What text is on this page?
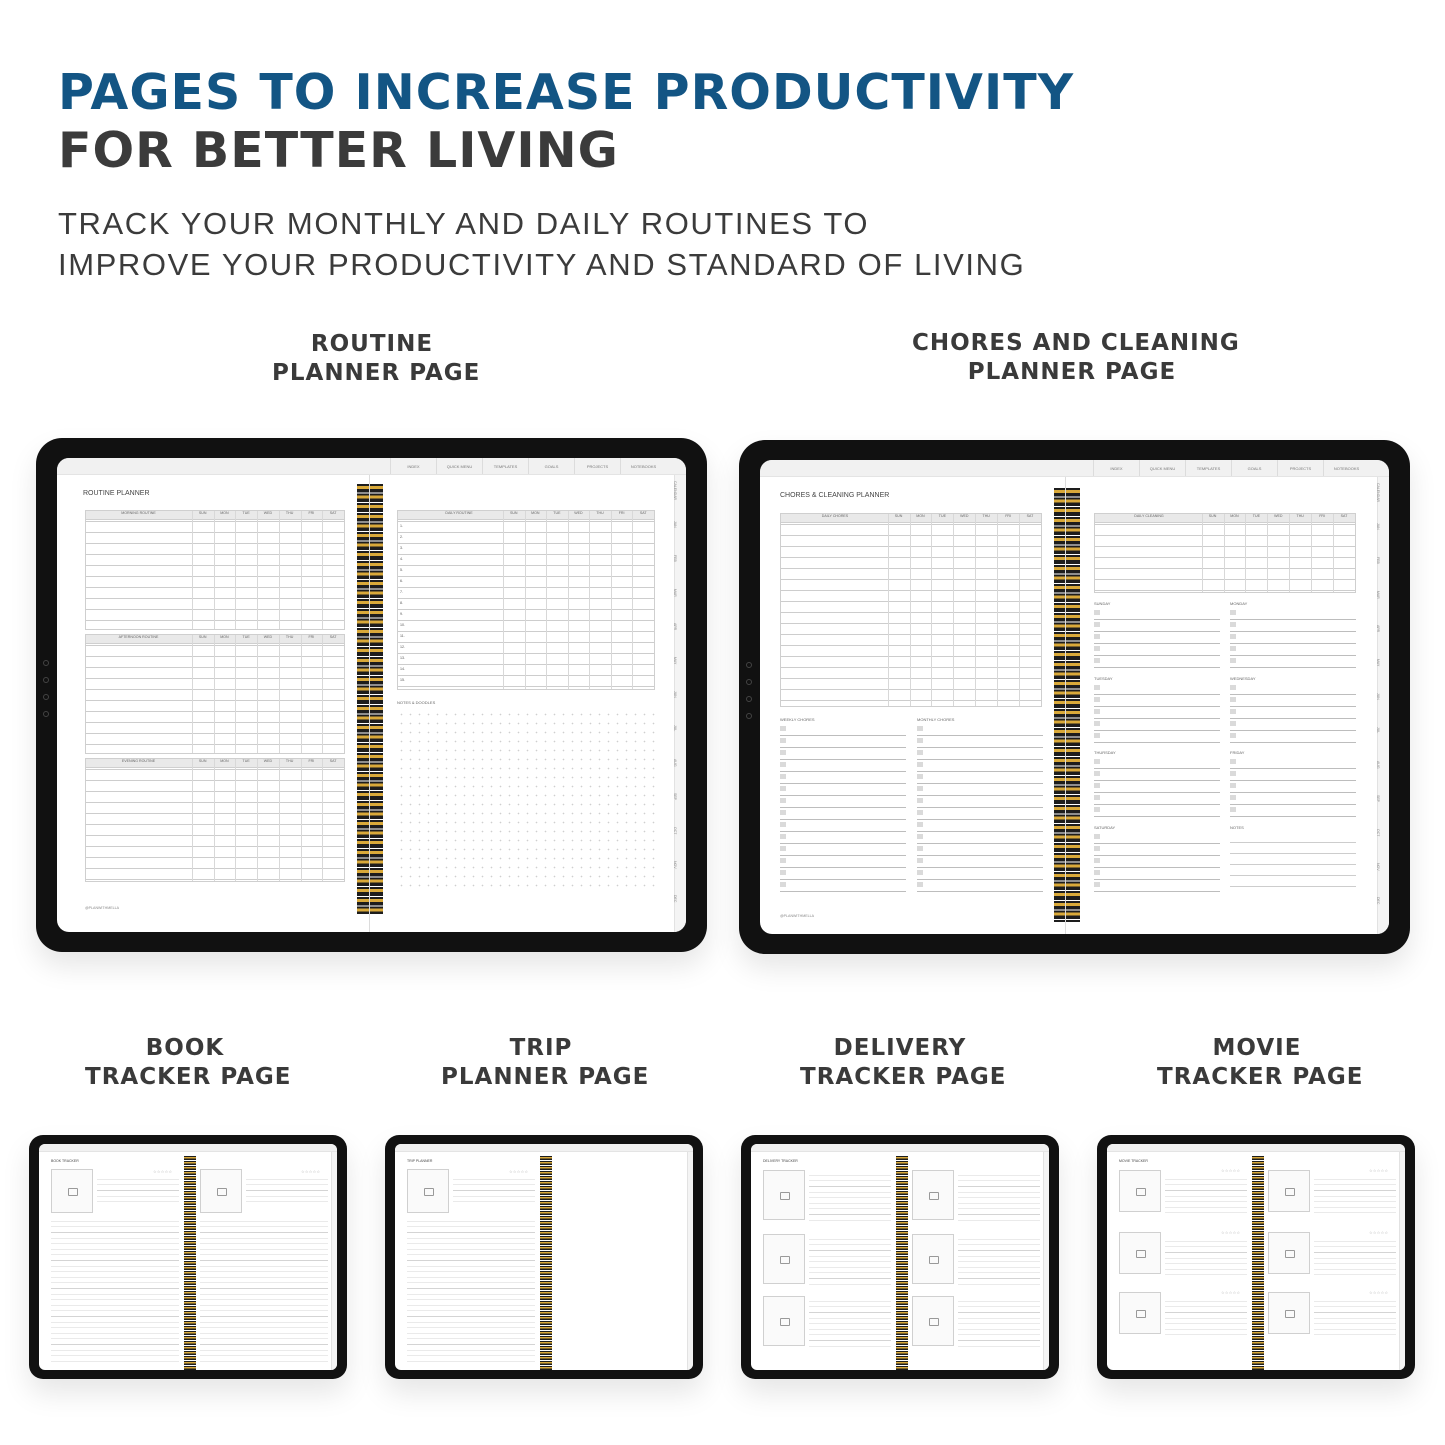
PAGES TO INCREASE PRODUCTIVITY
FOR BETTER LIVING
TRACK YOUR MONTHLY AND DAILY ROUTINES TO
IMPROVE YOUR PRODUCTIVITY AND STANDARD OF LIVING
ROUTINE
PLANNER PAGE
CHORES AND CLEANING
PLANNER PAGE
INDEX	QUICK MENU	TEMPLATES	GOALS	PROJECTS	NOTEBOOKS
CALENDAR
JAN
FEB
MAR
APR
MAY
JUN
JUL
AUG
SEP
OCT
NOV
DEC
ROUTINE PLANNER
MORNING ROUTINE	SUN	MON	TUE	WED	THU	FRI	SAT
AFTERNOON ROUTINE	SUN	MON	TUE	WED	THU	FRI	SAT
EVENING ROUTINE	SUN	MON	TUE	WED	THU	FRI	SAT
@PLANWITHMELLA
DAILY ROUTINE	SUN	MON	TUE	WED	THU	FRI	SAT
1.
2.
3.
4.
5.
6.
7.
8.
9.
10.
11.
12.
13.
14.
15.
NOTES & DOODLES
INDEX	QUICK MENU	TEMPLATES	GOALS	PROJECTS	NOTEBOOKS
CALENDAR
JAN
FEB
MAR
APR
MAY
JUN
JUL
AUG
SEP
OCT
NOV
DEC
CHORES & CLEANING PLANNER
DAILY CHORES	SUN	MON	TUE	WED	THU	FRI	SAT
WEEKLY CHORES	MONTHLY CHORES
@PLANWITHMELLA
DAILY CLEANING	SUN	MON	TUE	WED	THU	FRI	SAT
SUNDAY	MONDAY
TUESDAY	WEDNESDAY
THURSDAY	FRIDAY
SATURDAY	NOTES
BOOK
TRACKER PAGE
TRIP
PLANNER PAGE
DELIVERY
TRACKER PAGE
MOVIE
TRACKER PAGE
BOOK TRACKER
☆☆☆☆☆	☆☆☆☆☆
TRIP PLANNER
☆☆☆☆☆
DELIVERY TRACKER	MOVIE TRACKER
☆☆☆☆☆
☆☆☆☆☆
☆☆☆☆☆
☆☆☆☆☆
☆☆☆☆☆
☆☆☆☆☆
